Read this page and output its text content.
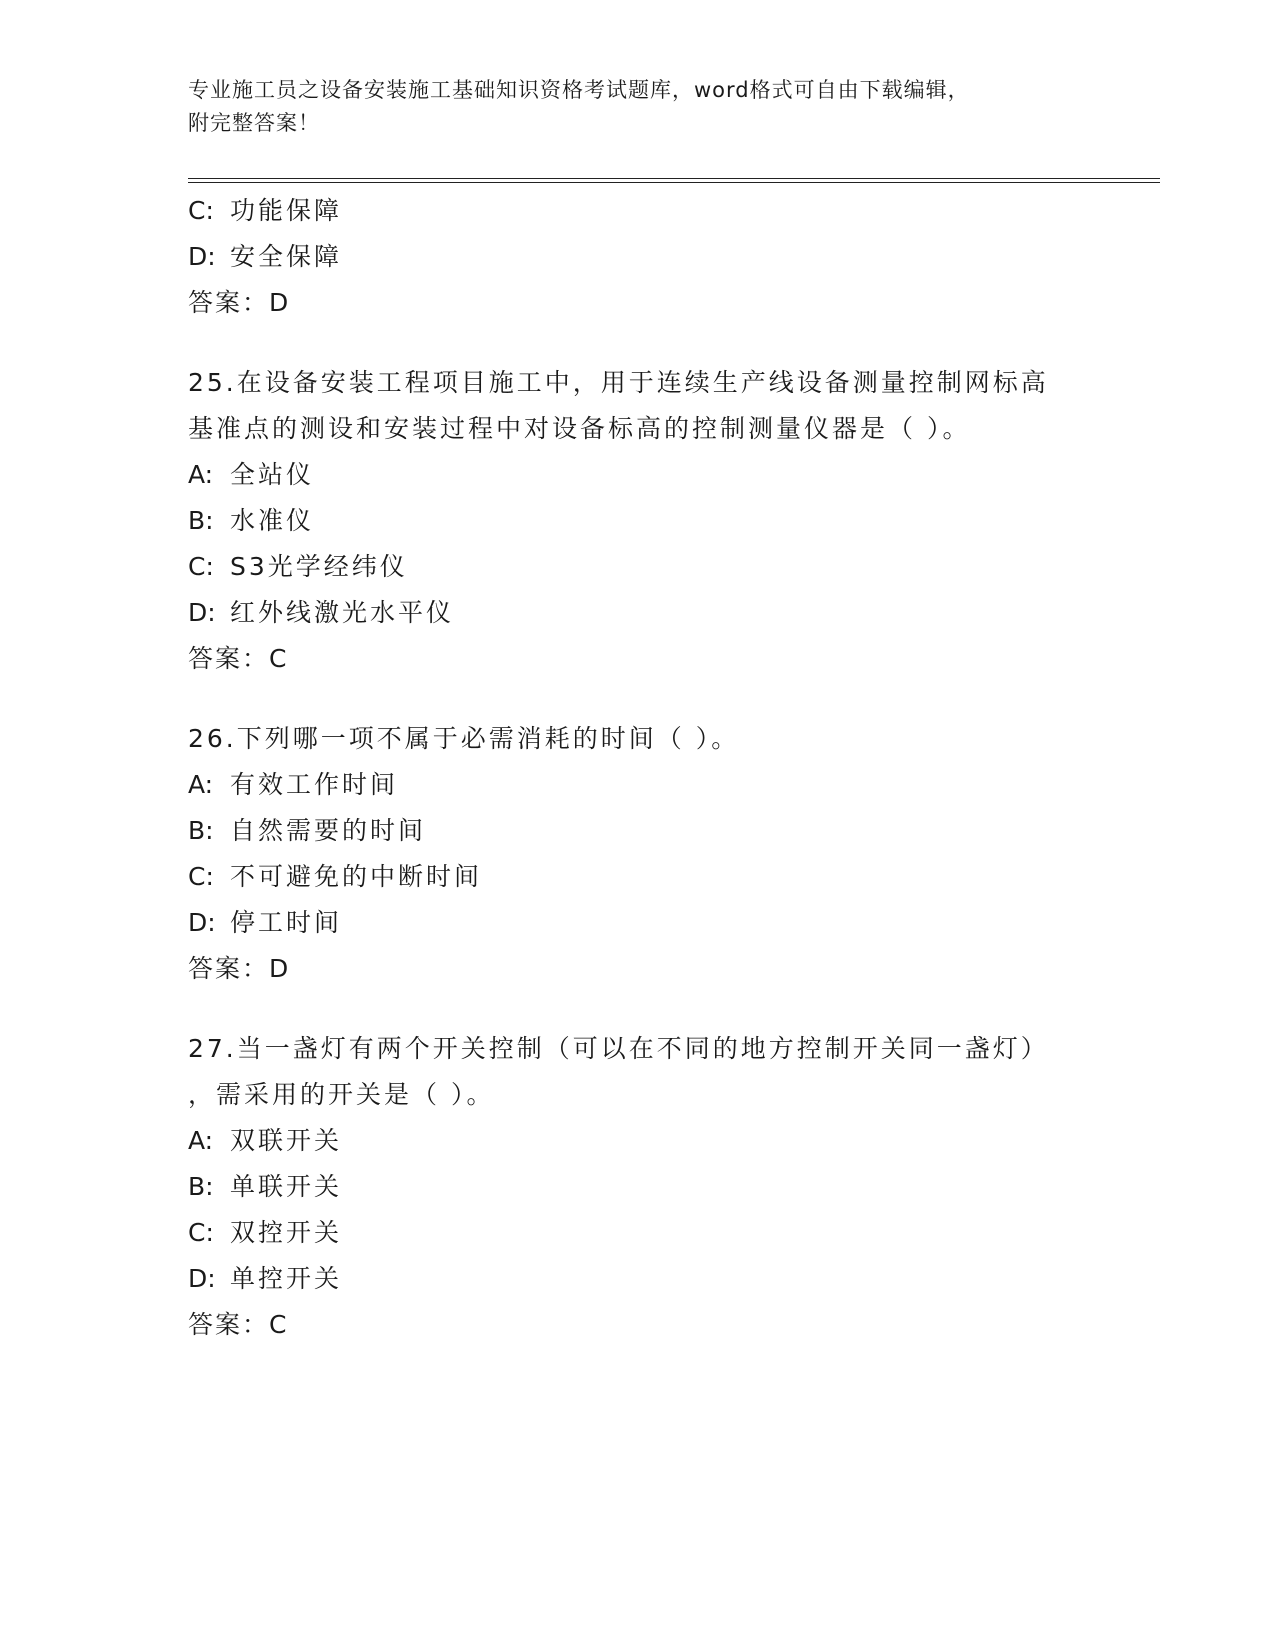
专业施工员之设备安装施工基础知识资格考试题库，word格式可自由下载编辑，
附完整答案！
C: 功能保障
D: 安全保障
答案：D
25.在设备安装工程项目施工中，用于连续生产线设备测量控制网标高
基准点的测设和安装过程中对设备标高的控制测量仪器是（ ）。
A: 全站仪
B: 水准仪
C: S3光学经纬仪
D: 红外线激光水平仪
答案：C
26.下列哪一项不属于必需消耗的时间（ ）。
A: 有效工作时间
B: 自然需要的时间
C: 不可避免的中断时间
D: 停工时间
答案：D
27.当一盏灯有两个开关控制（可以在不同的地方控制开关同一盏灯）
，需采用的开关是（ ）。
A: 双联开关
B: 单联开关
C: 双控开关
D: 单控开关
答案：C
